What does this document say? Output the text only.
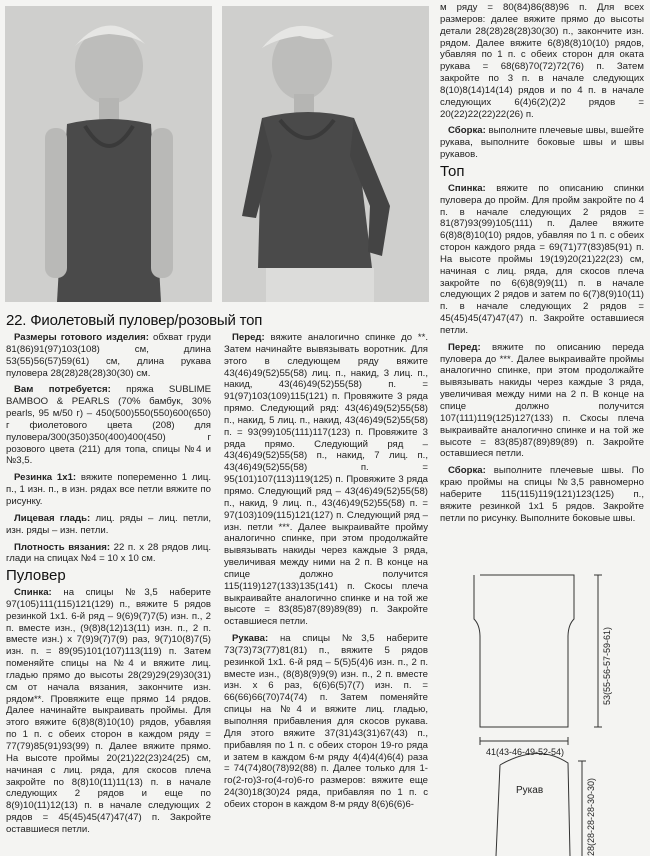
22. Фиолетовый пуловер/розовый топ

Размеры готового изделия: обхват груди 81(86)91(97)103(108) см, длина 53(55)56(57)59(61) см, длина рукава пуловера 28(28)28(28)30(30) см.

Вам потребуется: пряжа SUBLIME BAMBOO & PEARLS (70% бамбук, 30% pearls, 95 м/50 г) – 450(500)550(550)600(650) г фиолетового цвета (208) для пуловера/300(350)350(400)400(450) г розового цвета (211) для топа, спицы №4 и №3,5.

Резинка 1x1: вяжите попеременно 1 лиц. п., 1 изн. п., в изн. рядах все петли вяжите по рисунку.

Лицевая гладь: лиц. ряды – лиц. петли, изн. ряды – изн. петли.

Плотность вязания: 22 п. x 28 рядов лиц. глади на спицах №4 = 10 x 10 см.

Пуловер

Спинка: на спицы №3,5 наберите 97(105)111(115)121(129) п., вяжите 5 рядов резинкой 1x1. 6-й ряд – 9(6)9(7)7(5) изн. п., 2 п. вместе изн., (9(8)8(12)13(11) изн. п., 2 п. вместе изн.) x 7(9)9(7)7(9) раз, 9(7)10(8)7(5) изн. п. = 89(95)101(107)113(119) п. Затем поменяйте спицы на №4 и вяжите лиц. гладью прямо до высоты 28(29)29(29)30(31) см от начала вязания, закончите изн. рядом**. Провяжите еще прямо 14 рядов. Далее начинайте выкраивать проймы. Для этого вяжите 6(8)8(8)10(10) рядов, убавляя по 1 п. с обеих сторон в каждом ряду = 77(79)85(91)93(99) п. Далее вяжите прямо. На высоте проймы 20(21)22(23)24(25) см, начиная с лиц. ряда, для скосов плеча закройте по 8(8)10(11)11(13) п. в начале следующих 2 рядов и еще по 8(9)10(11)12(13) п. в начале следующих 2 рядов = 45(45)45(47)47(47) п. Закройте оставшиеся петли.

Перед: вяжите аналогично спинке до **. Затем начинайте вывязывать воротник. Для этого в следующем ряду вяжите 43(46)49(52)55(58) лиц. п., накид, 3 лиц. п., накид, 43(46)49(52)55(58) п. = 91(97)103(109)115(121) п. Провяжите 3 ряда прямо. Следующий ряд: 43(46)49(52)55(58) п., накид, 5 лиц. п., накид, 43(46)49(52)55(58) п. = 93(99)105(111)117(123) п. Провяжите 3 ряда прямо. Следующий ряд – 43(46)49(52)55(58) п., накид, 7 лиц. п., 43(46)49(52)55(58) п. = 95(101)107(113)119(125) п. Провяжите 3 ряда прямо. Следующий ряд – 43(46)49(52)55(58) п., накид, 9 лиц. п., 43(46)49(52)55(58) п. = 97(103)109(115)121(127) п. Следующий ряд – изн. петли ***. Далее выкраивайте пройму аналогично спинке, при этом продолжайте вывязывать накиды через каждые 3 ряда, увеличивая между ними на 2 п. В конце на спице должно получится 115(119)127(133)135(141) п. Скосы плеча выкраивайте аналогично спинке и на той же высоте = 83(85)87(89)89(89) п. Закройте оставшиеся петли.

Рукава: на спицы №3,5 наберите 73(73)73(77)81(81) п., вяжите 5 рядов резинкой 1x1. 6-й ряд – 5(5)5(4)6 изн. п., 2 п. вместе изн., (8(8)8(9)9(9) изн. п., 2 п. вместе изн. x 6 раз, 6(6)6(5)7(7) изн. п. = 66(66)66(70)74(74) п. Затем поменяйте спицы на №4 и вяжите лиц. гладью, выполняя прибавления для скосов рукава. Для этого вяжите 37(31)43(31)67(43) п., прибавляя по 1 п. с обеих сторон 19-го ряда и затем в каждом 6-м ряду 4(4)4(4)6(4) раза = 74(74)80(78)92(88) п. Далее только для 1-го(2-го)3-го(4-го)6-го размеров: вяжите еще 24(30)18(30)24 ряда, прибавляя по 1 п. с обеих сторон в каждом 8-м ряду 8(6)6(6)6-

м ряду = 80(84)86(88)96 п. Для всех размеров: далее вяжите прямо до высоты детали 28(28)28(28)30(30) п., закончите изн. рядом. Далее вяжите 6(8)8(8)10(10) рядов, убавляя по 1 п. с обеих сторон для оката рукава = 68(68)70(72)72(76) п. Затем закройте по 3 п. в начале следующих 8(10)8(14)14(14) рядов и по 4 п. в начале следующих 6(4)6(2)(2)2 рядов = 20(22)22(22)22(26) п.

Сборка: выполните плечевые швы, вшейте рукава, выполните боковые швы и швы рукавов.

Топ

Спинка: вяжите по описанию спинки пуловера до пройм. Для пройм закройте по 4 п. в начале следующих 2 рядов = 81(87)93(99)105(111) п. Далее вяжите 6(8)8(8)10(10) рядов, убавляя по 1 п. с обеих сторон каждого ряда = 69(71)77(83)85(91) п. На высоте проймы 19(19)20(21)22(23) см, начиная с лиц. ряда, для скосов плеча закройте по 6(6)8(9)9(11) п. в начале следующих 2 рядов и затем по 6(7)8(9)10(11) п. в начале следующих 2 рядов = 45(45)45(47)47(47) п. Закройте оставшиеся петли.

Перед: вяжите по описанию переда пуловера до ***. Далее выкраивайте проймы аналогично спинке, при этом продолжайте вывязывать накиды через каждые 3 ряда, увеличивая между ними на 2 п. В конце на спице должно получится 107(111)119(125)127(133) п. Скосы плеча выкраивайте аналогично спинке и на той же высоте = 83(85)87(89)89(89) п. Закройте оставшиеся петли.

Сборка: выполните плечевые швы. По краю проймы на спицы №3,5 равномерно наберите 115(115)119(121)123(125) п., вяжите резинкой 1x1 5 рядов. Закройте петли по рисунку. Выполните боковые швы.

53(55-56-57-59-61)
41(43-46-49-52-54)
Рукав	28(28-28-28-30-30)
